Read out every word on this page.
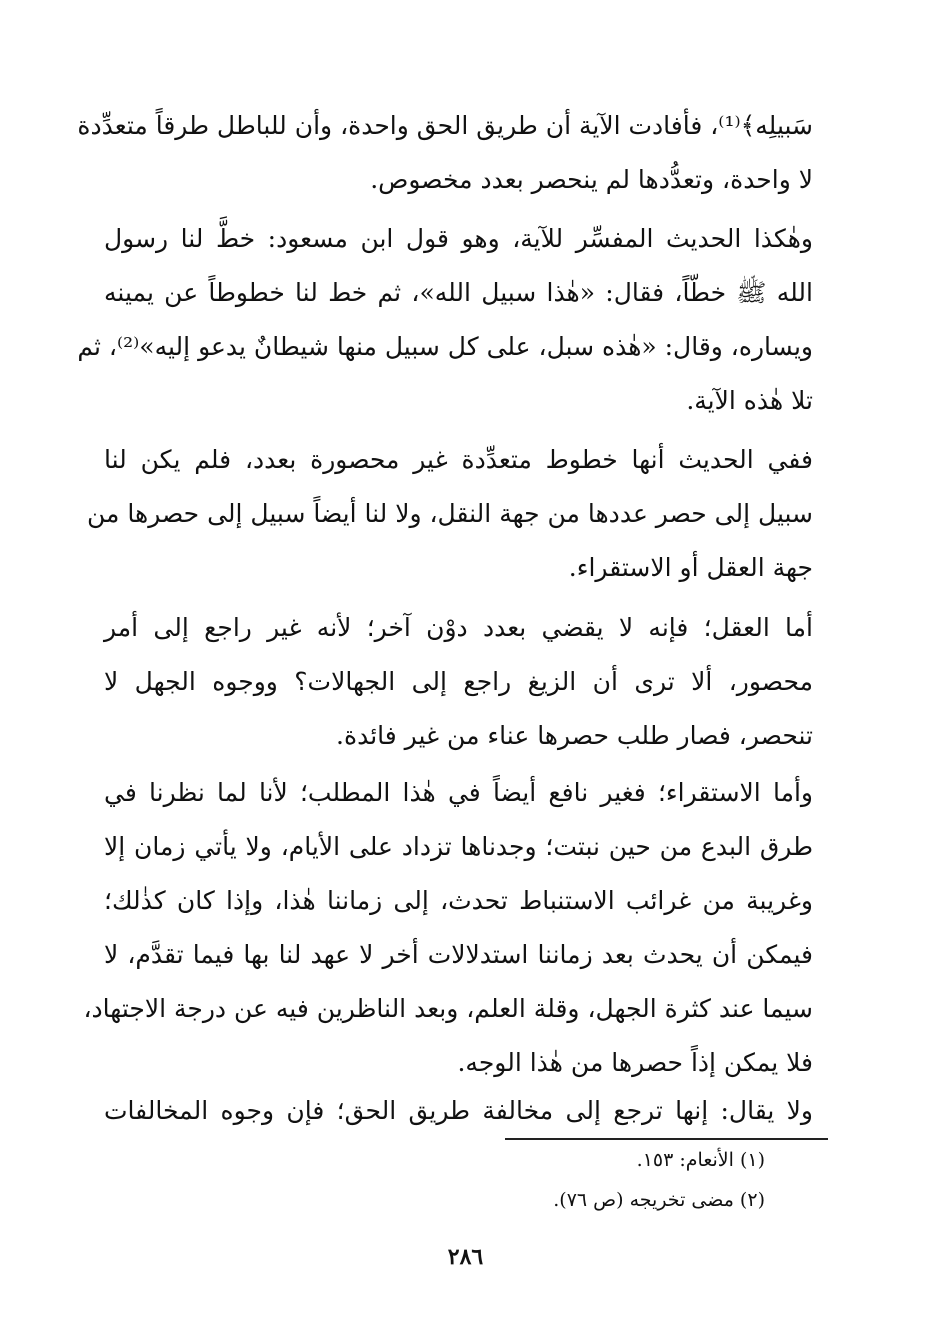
سَبيلِه﴾⁽¹⁾، فأفادت الآية أن طريق الحق واحدة، وأن للباطل طرقاً متعدِّدة
لا واحدة، وتعدُّدها لم ينحصر بعدد مخصوص.
وهٰكذا الحديث المفسِّر للآية، وهو قول ابن مسعود: خطَّ لنا رسول
الله ﷺ خطّاً، فقال: «هٰذا سبيل الله»، ثم خط لنا خطوطاً عن يمينه
ويساره، وقال: «هٰذه سبل، على كل سبيل منها شيطانٌ يدعو إليه»⁽²⁾، ثم
تلا هٰذه الآية.
ففي الحديث أنها خطوط متعدِّدة غير محصورة بعدد، فلم يكن لنا
سبيل إلى حصر عددها من جهة النقل، ولا لنا أيضاً سبيل إلى حصرها من
جهة العقل أو الاستقراء.
أما العقل؛ فإنه لا يقضي بعدد دوْن آخر؛ لأنه غير راجع إلى أمر
محصور، ألا ترى أن الزيغ راجع إلى الجهالات؟ ووجوه الجهل لا
تنحصر، فصار طلب حصرها عناء من غير فائدة.
وأما الاستقراء؛ فغير نافع أيضاً في هٰذا المطلب؛ لأنا لما نظرنا في
طرق البدع من حين نبتت؛ وجدناها تزداد على الأيام، ولا يأتي زمان إلا
وغريبة من غرائب الاستنباط تحدث، إلى زماننا هٰذا، وإذا كان كذٰلك؛
فيمكن أن يحدث بعد زماننا استدلالات أخر لا عهد لنا بها فيما تقدَّم، لا
سيما عند كثرة الجهل، وقلة العلم، وبعد الناظرين فيه عن درجة الاجتهاد،
فلا يمكن إذاً حصرها من هٰذا الوجه.
ولا يقال: إنها ترجع إلى مخالفة طريق الحق؛ فإن وجوه المخالفات
(١) الأنعام: ١٥٣.
(٢) مضى تخريجه (ص ٧٦).
٢٨٦
